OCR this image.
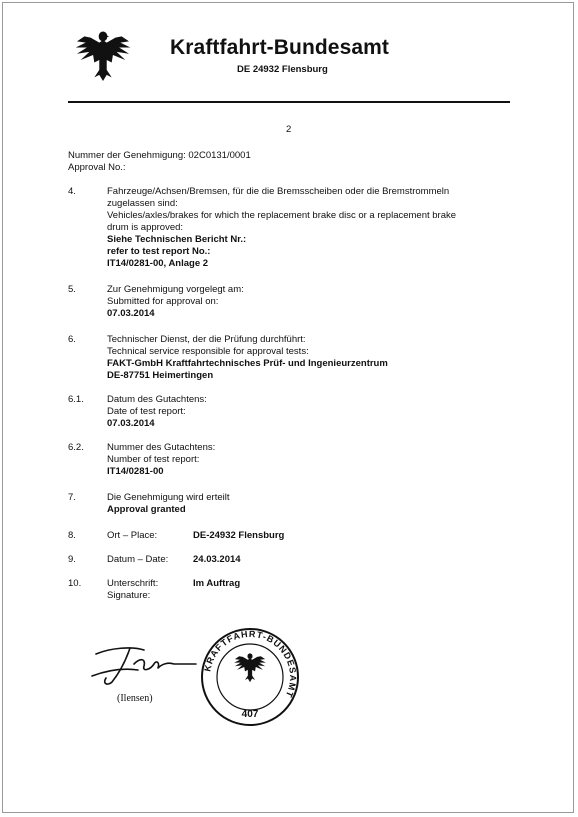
Kraftfahrt-Bundesamt
DE 24932 Flensburg
2
Nummer der Genehmigung: 02C0131/0001
Approval No.:
4.	Fahrzeuge/Achsen/Bremsen, für die die Bremsscheiben oder die Bremstrommeln
zugelassen sind:
Vehicles/axles/brakes for which the replacement brake disc or a replacement brake
drum is approved:
Siehe Technischen Bericht Nr.:
refer to test report No.:
IT14/0281-00, Anlage 2
5.	Zur Genehmigung vorgelegt am:
Submitted for approval on:
07.03.2014
6.	Technischer Dienst, der die Prüfung durchführt:
Technical service responsible for approval tests:
FAKT-GmbH Kraftfahrtechnisches Prüf- und Ingenieurzentrum
DE-87751 Heimertingen
6.1. Datum des Gutachtens:
Date of test report:
07.03.2014
6.2. Nummer des Gutachtens:
Number of test report:
IT14/0281-00
7.	Die Genehmigung wird erteilt
Approval granted
8.	Ort – Place:	DE-24932 Flensburg
9.	Datum – Date:	24.03.2014
10.	Unterschrift:
Signature:
Im Auftrag
(Ilensen)
KRAFTFAHRT-BUNDESAMT
407
